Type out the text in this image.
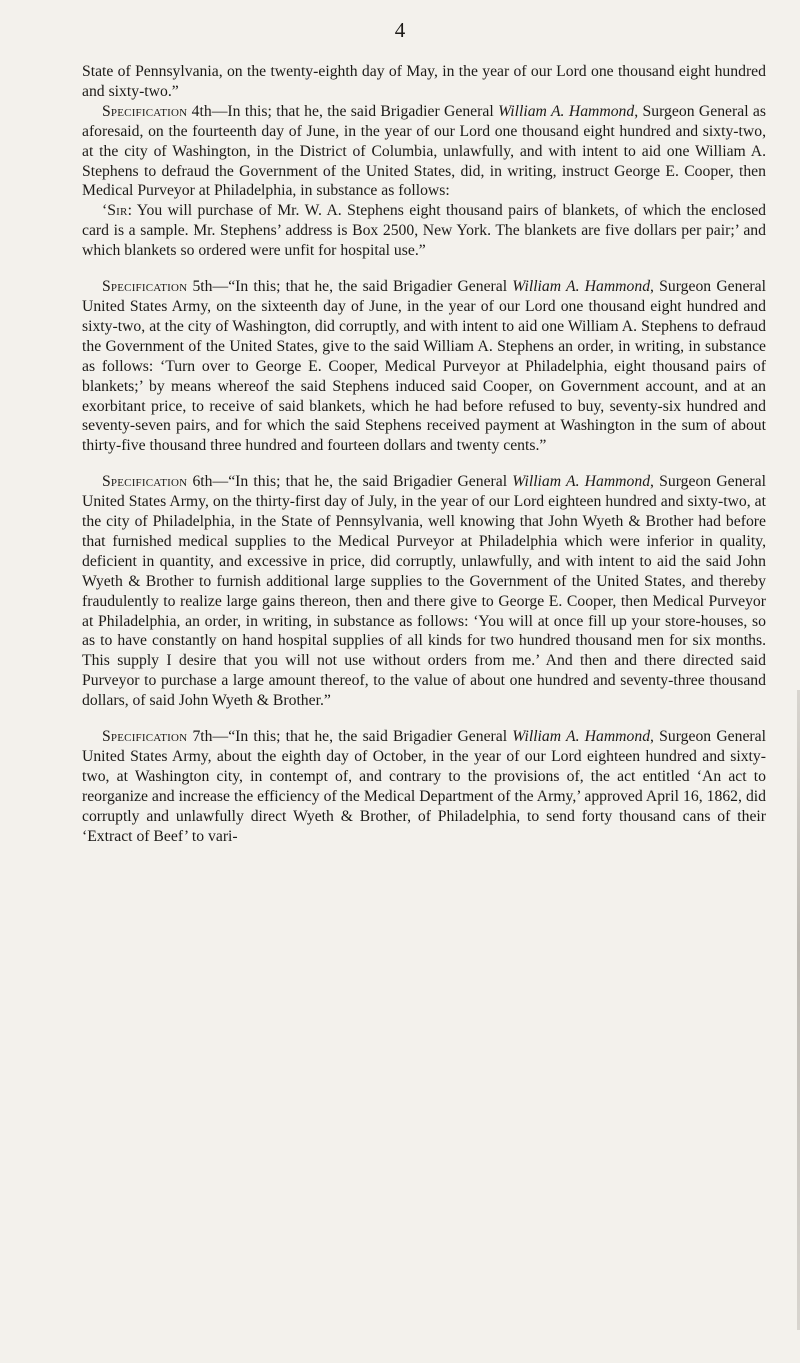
4

State of Pennsylvania, on the twenty-eighth day of May, in the year of our Lord one thousand eight hundred and sixty-two.”

Specification 4th—In this; that he, the said Brigadier General William A. Hammond, Surgeon General as aforesaid, on the fourteenth day of June, in the year of our Lord one thousand eight hundred and sixty-two, at the city of Washington, in the District of Columbia, unlawfully, and with intent to aid one William A. Stephens to defraud the Government of the United States, did, in writing, instruct George E. Cooper, then Medical Purveyor at Philadelphia, in substance as follows:

‘Sir: You will purchase of Mr. W. A. Stephens eight thousand pairs of blankets, of which the enclosed card is a sample. Mr. Stephens’ address is Box 2500, New York. The blankets are five dollars per pair;’ and which blankets so ordered were unfit for hospital use.”

Specification 5th—“In this; that he, the said Brigadier General William A. Hammond, Surgeon General United States Army, on the sixteenth day of June, in the year of our Lord one thousand eight hundred and sixty-two, at the city of Washington, did corruptly, and with intent to aid one William A. Stephens to defraud the Government of the United States, give to the said William A. Stephens an order, in writing, in substance as follows: ‘Turn over to George E. Cooper, Medical Purveyor at Philadelphia, eight thousand pairs of blankets;’ by means whereof the said Stephens induced said Cooper, on Government account, and at an exorbitant price, to receive of said blankets, which he had before refused to buy, seventy-six hundred and seventy-seven pairs, and for which the said Stephens received payment at Washington in the sum of about thirty-five thousand three hundred and fourteen dollars and twenty cents.”

Specification 6th—“In this; that he, the said Brigadier General William A. Hammond, Surgeon General United States Army, on the thirty-first day of July, in the year of our Lord eighteen hundred and sixty-two, at the city of Philadelphia, in the State of Pennsylvania, well knowing that John Wyeth & Brother had before that furnished medical supplies to the Medical Purveyor at Philadelphia which were inferior in quality, deficient in quantity, and excessive in price, did corruptly, unlawfully, and with intent to aid the said John Wyeth & Brother to furnish additional large supplies to the Government of the United States, and thereby fraudulently to realize large gains thereon, then and there give to George E. Cooper, then Medical Purveyor at Philadelphia, an order, in writing, in substance as follows: ‘You will at once fill up your store-houses, so as to have constantly on hand hospital supplies of all kinds for two hundred thousand men for six months. This supply I desire that you will not use without orders from me.’ And then and there directed said Purveyor to purchase a large amount thereof, to the value of about one hundred and seventy-three thousand dollars, of said John Wyeth & Brother.”

Specification 7th—“In this; that he, the said Brigadier General William A. Hammond, Surgeon General United States Army, about the eighth day of October, in the year of our Lord eighteen hundred and sixty-two, at Washington city, in contempt of, and contrary to the provisions of, the act entitled ‘An act to reorganize and increase the efficiency of the Medical Department of the Army,’ approved April 16, 1862, did corruptly and unlawfully direct Wyeth & Brother, of Philadelphia, to send forty thousand cans of their ‘Extract of Beef’ to vari-
